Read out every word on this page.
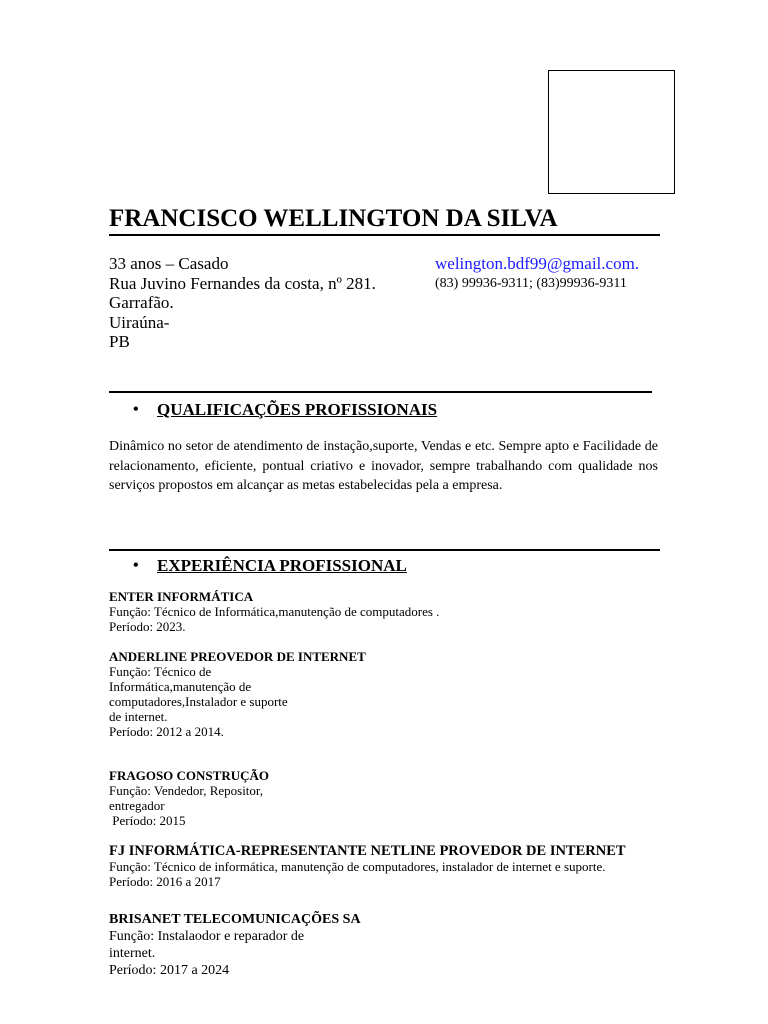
FRANCISCO WELLINGTON DA SILVA
33 anos – Casado
Rua Juvino Fernandes da costa, nº 281.
Garrafão.
Uiraúna-
PB
welington.bdf99@gmail.com.
(83) 99936-9311; (83)99936-9311
• QUALIFICAÇÕES PROFISSIONAIS
Dinâmico no setor de atendimento de instação,suporte, Vendas e etc. Sempre apto e Facilidade de relacionamento, eficiente, pontual criativo e inovador, sempre trabalhando com qualidade nos serviços propostos em alcançar as metas estabelecidas pela a empresa.
• EXPERIÊNCIA PROFISSIONAL
ENTER INFORMÁTICA
Função: Técnico de Informática,manutenção de computadores .
Período: 2023.
ANDERLINE PREOVEDOR DE INTERNET
Função: Técnico de
Informática,manutenção de
computadores,Instalador e suporte
de internet.
Período: 2012 a 2014.
FRAGOSO CONSTRUÇÃO
Função: Vendedor, Repositor,
entregador
Período: 2015
FJ INFORMÁTICA-REPRESENTANTE NETLINE PROVEDOR DE INTERNET
Função: Técnico de informática, manutenção de computadores, instalador de internet e suporte.
Período: 2016 a 2017
BRISANET TELECOMUNICAÇÕES SA
Função: Instalaodor e reparador de
internet.
Período: 2017 a 2024
